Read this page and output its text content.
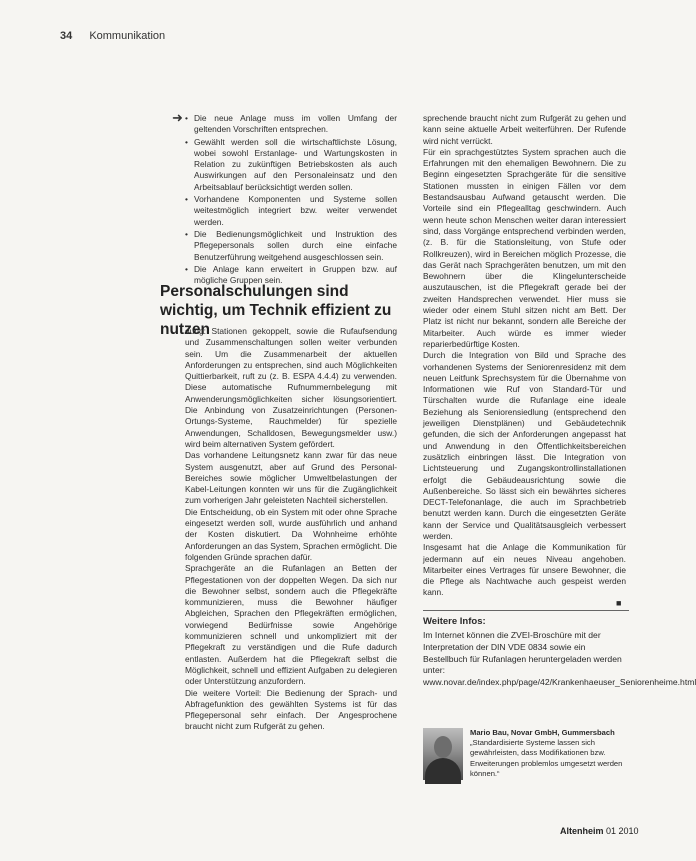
34 Kommunikation
➜
•	Die neue Anlage muss im vollen Umfang der geltenden Vorschriften entsprechen.
• Gewählt werden soll die wirtschaftlichste Lösung, wobei sowohl Erstanlage- und Wartungskosten in Relation zu zukünftigen Betriebskosten als auch Auswirkungen auf den Personaleinsatz und den Arbeitsablauf berücksichtigt werden sollen.
• Vorhandene Komponenten und Systeme sollen weitestmöglich integriert bzw. weiter verwendet werden.
• Die Bedienungsmöglichkeit und Instruktion des Pflegepersonals sollen durch eine einfache Benutzerführung weitgehend ausgeschlossen sein.
• Die Anlage kann erweitert in Gruppen bzw. auf mögliche Gruppen sein.
Personalschulungen sind wichtig, um Technik effizient zu nutzen

dung: Stationen gekoppelt, sowie die Rufaufsendung und Zusammenschaltungen sollen weiter verbunden sein. Um die Zusammenarbeit der aktuellen Anforderungen zu entsprechen, sind auch Möglichkeiten Quittierbarkeit, ruft zu (z. B. ESPA 4.4.4) zu verwenden. Diese automatische Rufnummernbelegung mit Anwenderungsmöglichkeiten sicher lösungsorientiert. Die Anbindung von Zusatzeinrichtungen (Personen-Ortungs-Systeme, Rauchmelder) für spezielle Anwendungen, Schalldosen, Bewegungsmelder usw.) wird beim alternativen System gefördert.

Das vorhandene Leitungsnetz kann zwar für das neue System ausgenutzt, aber auf Grund des Personal-Bereiches sowie möglicher Umweltbelastungen der Kabel-Leitungen konnten wir uns für die Zugänglichkeit zum vorherigen Jahr geleisteten Nachteil sicherstellen.

Die Entscheidung, ob ein System mit oder ohne Sprache eingesetzt werden soll, wurde ausführlich und anhand der Kosten diskutiert. Da Wohnheime erhöhte Anforderungen an das System, Sprachen ermöglicht. Die folgenden Gründe sprachen dafür.

Sprachgeräte an die Rufanlagen an Betten der Pflegestationen von der doppelten Wegen. Da sich nur die Bewohner selbst, sondern auch die Pflegekräfte kommunizieren, muss die Bewohner häufiger Abgleichen, Sprachen den Pflegekräften ermöglichen, vorwiegend Bedürfnisse sowie Angehörige kommunizieren schnell und unkompliziert mit der Pflegekraft zu verständigen und die Rufe dadurch entlasten. Außerdem hat die Pflegekraft selbst die Möglichkeit, schnell und effizient Aufgaben zu delegieren oder Unterstützung anzufordern.

Die weitere Vorteil: Die Bedienung der Sprach- und Abfragefunktion des gewählten Systems ist für das Pflegepersonal sehr einfach. Der Angesprochene braucht nicht zum Rufgerät zu gehen.

sprechende braucht nicht zum Rufgerät zu gehen und kann seine aktuelle Arbeit weiterführen. Der Rufende wird nicht verrückt.

Für ein sprachgestütztes System sprachen auch die Erfahrungen mit den ehemaligen Bewohnern. Die zu Beginn eingesetzten Sprachgeräte für die sensitive Stationen mussten in einigen Fällen vor dem Bestandsausbau Aufwand getauscht werden. Die Vorteile sind ein Pflegealltag geschwindern. Auch wenn heute schon Menschen weiter daran interessiert sind, dass Vorgänge entsprechend verbinden werden, (z. B. für die Stationsleitung, von Stufe oder Rollkreuzen), wird in Bereichen möglich Prozesse, die das Gerät nach Sprachgeräten benutzen, um mit den Bewohnern über die Klingelunterscheide auszutauschen, ist die Pflegekraft gerade bei der zweiten Handsprechen verwendet. Hier muss sie wieder oder einem Stuhl sitzen nicht am Bett. Der Platz ist nicht nur bekannt, sondern alle Bereiche der Mitarbeiter. Auch würde es immer wieder reparierbedürftige Kosten.

Durch die Integration von Bild und Sprache des vorhandenen Systems der Seniorenresidenz mit dem neuen Leitfunk Sprechsystem für die Übernahme von Informationen wie Ruf von Standard-Tür und Türschalten wurde die Rufanlage eine ideale Beziehung als Seniorensiedlung (entsprechend den jeweiligen Dienstplänen) und Gebäudetechnik gefunden, die sich der Anforderungen angepasst hat und Anwendung in den Öffentlichkeitsbereichen zusätzlich einbringen lässt. Die Integration von Lichtsteuerung und Zugangskontrollinstallationen erfolgt die Gebäudeausrichtung sowie die Außenbereiche. So lässt sich ein bewährtes sicheres DECT-Telefonanlage, die auch im Sprachbetrieb benutzt werden kann. Durch die eingesetzten Geräte kann der Service und Qualitätsausgleich verbessert werden.

Insgesamt hat die Anlage die Kommunikation für jedermann auf ein neues Niveau angehoben. Mitarbeiter eines Vertrages für unsere Bewohner, die die Pflege als Nachtwache auch gespeist werden kann.

■
Weitere Infos:
Im Internet können die ZVEI-Broschüre mit der Interpretation der DIN VDE 0834 sowie ein Bestellbuch für Rufanlagen heruntergeladen werden unter:
www.novar.de/index.php/page/42/Krankenhaeuser_Seniorenheime.html
Mario Bau, Novar GmbH, Gummersbach „Standardisierte Systeme lassen sich gewährleisten, dass Modifikationen bzw. Erweiterungen problemlos umgesetzt werden können.“
Altenheim 01 2010
